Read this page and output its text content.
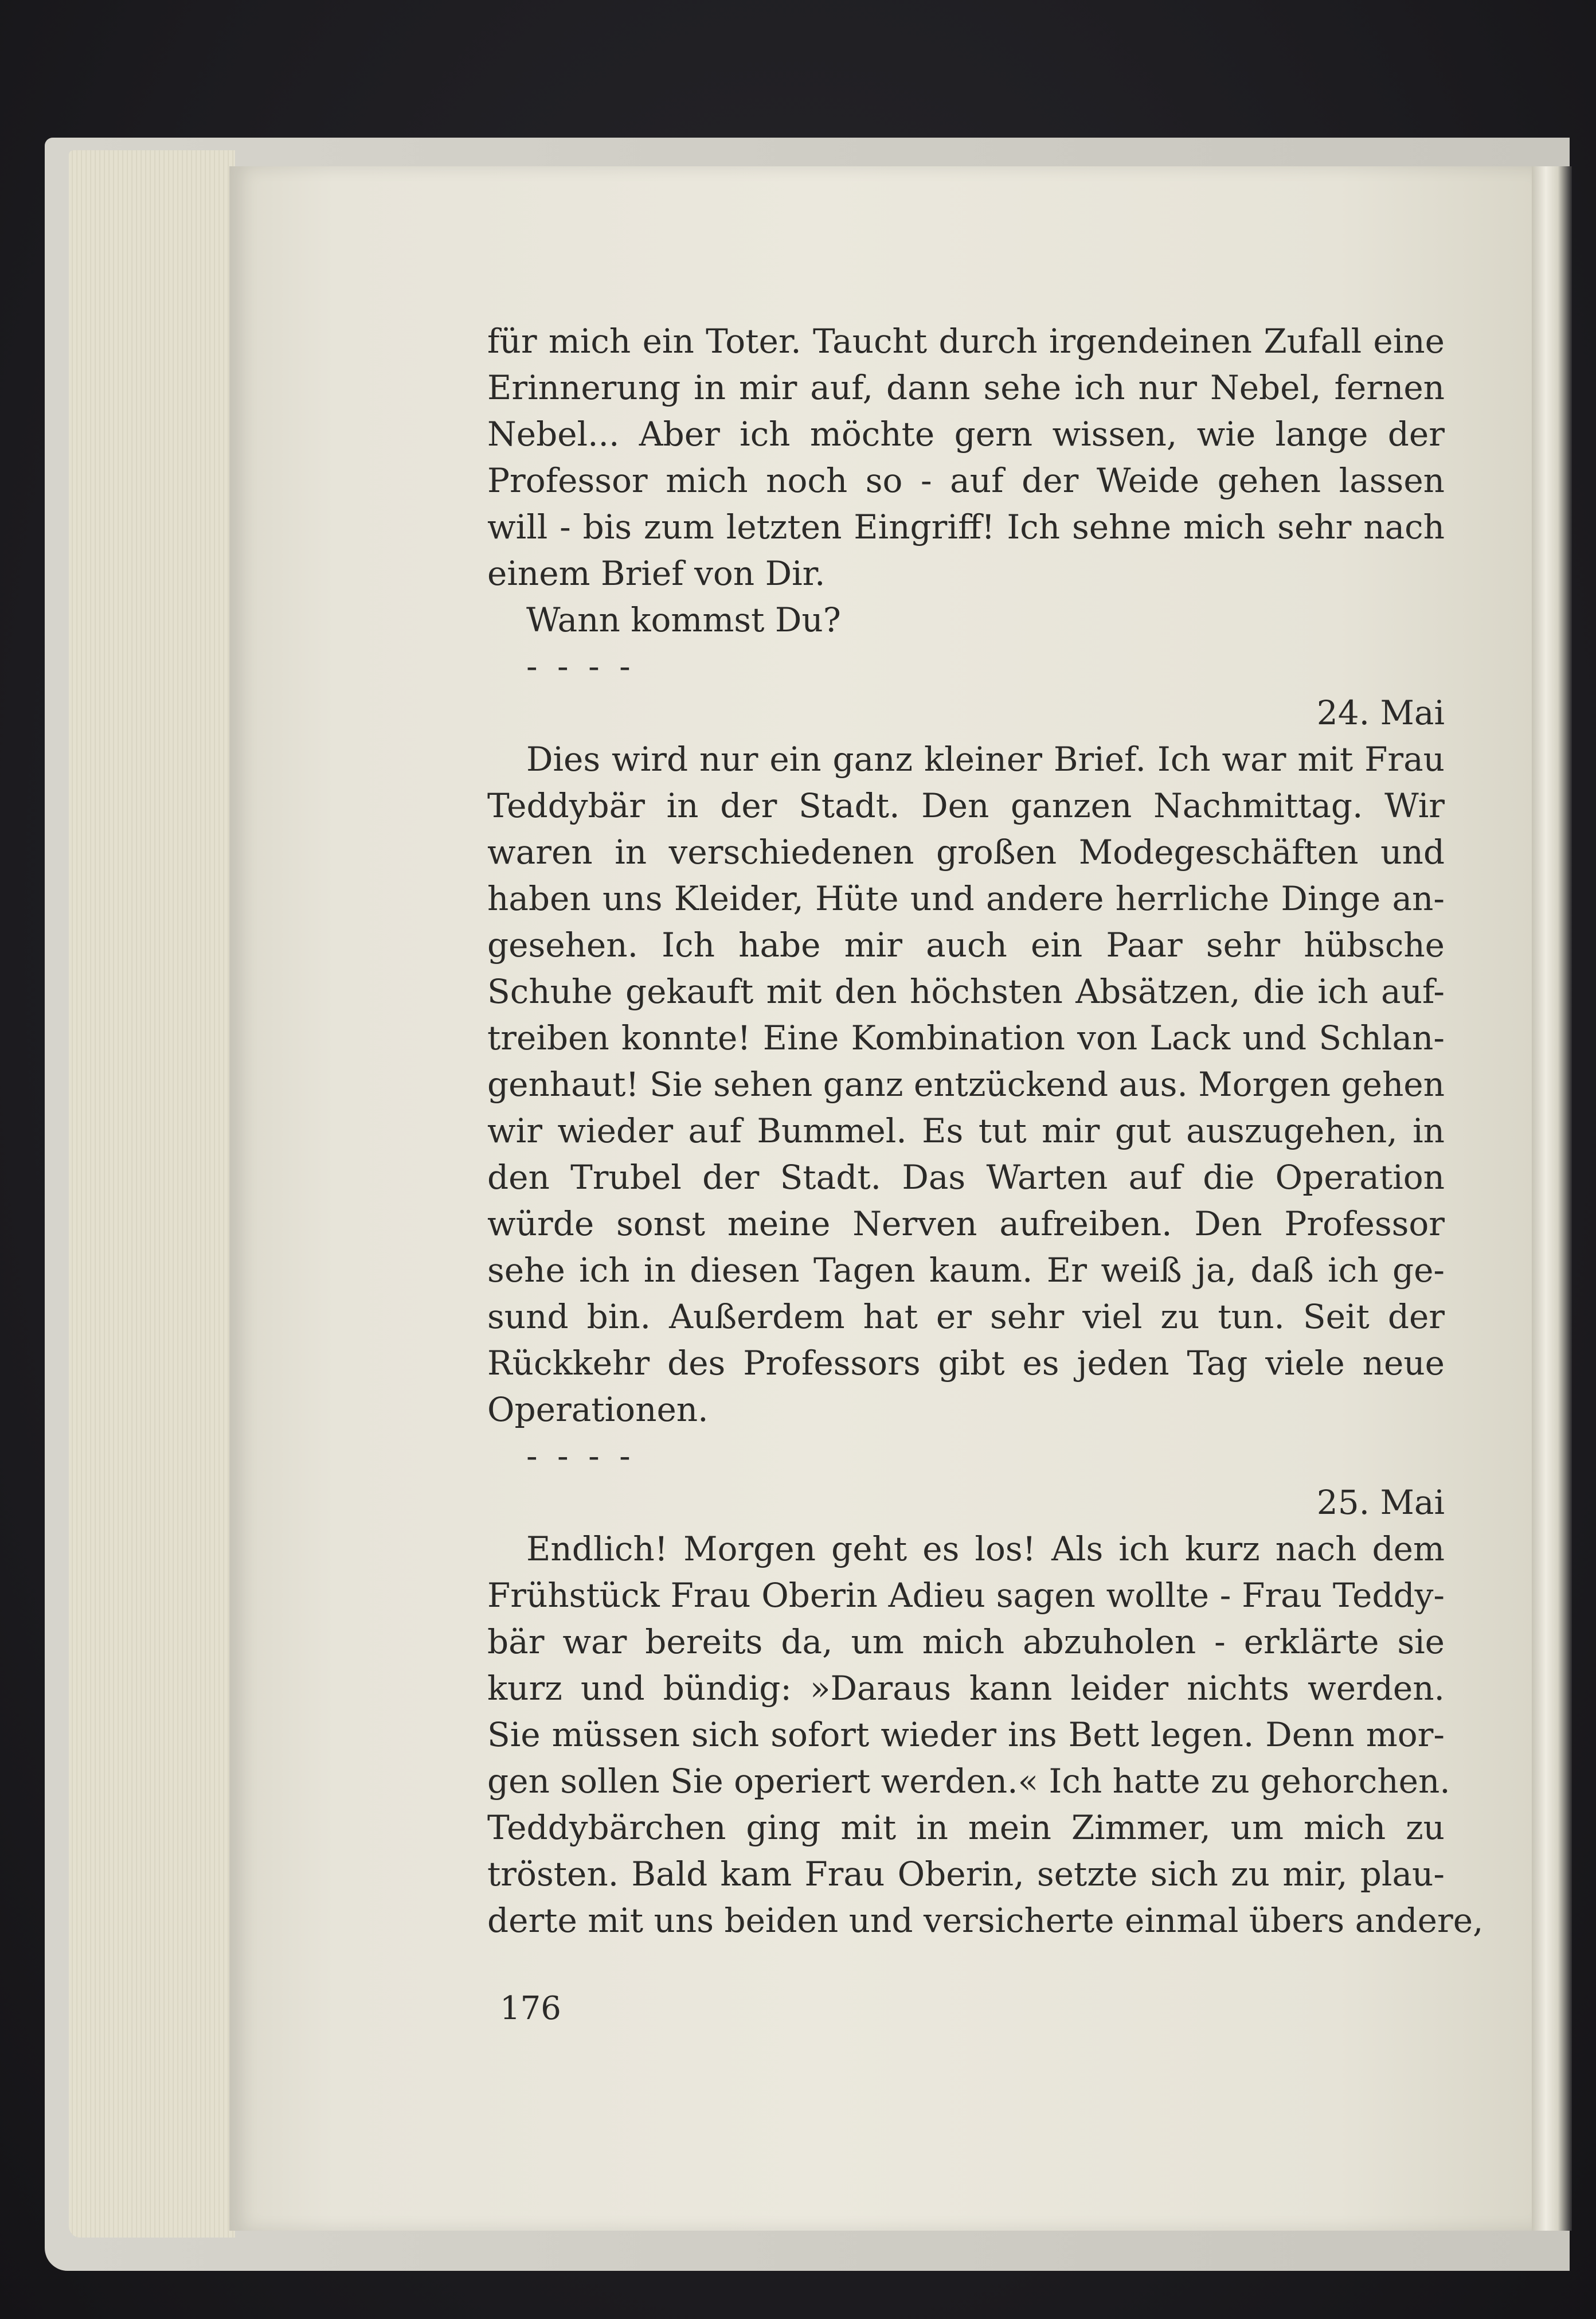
für mich ein Toter. Taucht durch irgendeinen Zufall eine
Erinnerung in mir auf, dann sehe ich nur Nebel, fernen
Nebel... Aber ich möchte gern wissen, wie lange der
Professor mich noch so - auf der Weide gehen lassen
will - bis zum letzten Eingriff! Ich sehne mich sehr nach
einem Brief von Dir.
Wann kommst Du?
- - - -
24. Mai
Dies wird nur ein ganz kleiner Brief. Ich war mit Frau
Teddybär in der Stadt. Den ganzen Nachmittag. Wir
waren in verschiedenen großen Modegeschäften und
haben uns Kleider, Hüte und andere herrliche Dinge an-
gesehen. Ich habe mir auch ein Paar sehr hübsche
Schuhe gekauft mit den höchsten Absätzen, die ich auf-
treiben konnte! Eine Kombination von Lack und Schlan-
genhaut! Sie sehen ganz entzückend aus. Morgen gehen
wir wieder auf Bummel. Es tut mir gut auszugehen, in
den Trubel der Stadt. Das Warten auf die Operation
würde sonst meine Nerven aufreiben. Den Professor
sehe ich in diesen Tagen kaum. Er weiß ja, daß ich ge-
sund bin. Außerdem hat er sehr viel zu tun. Seit der
Rückkehr des Professors gibt es jeden Tag viele neue
Operationen.
- - - -
25. Mai
Endlich! Morgen geht es los! Als ich kurz nach dem
Frühstück Frau Oberin Adieu sagen wollte - Frau Teddy-
bär war bereits da, um mich abzuholen - erklärte sie
kurz und bündig: »Daraus kann leider nichts werden.
Sie müssen sich sofort wieder ins Bett legen. Denn mor-
gen sollen Sie operiert werden.« Ich hatte zu gehorchen.
Teddybärchen ging mit in mein Zimmer, um mich zu
trösten. Bald kam Frau Oberin, setzte sich zu mir, plau-
derte mit uns beiden und versicherte einmal übers andere,
176
